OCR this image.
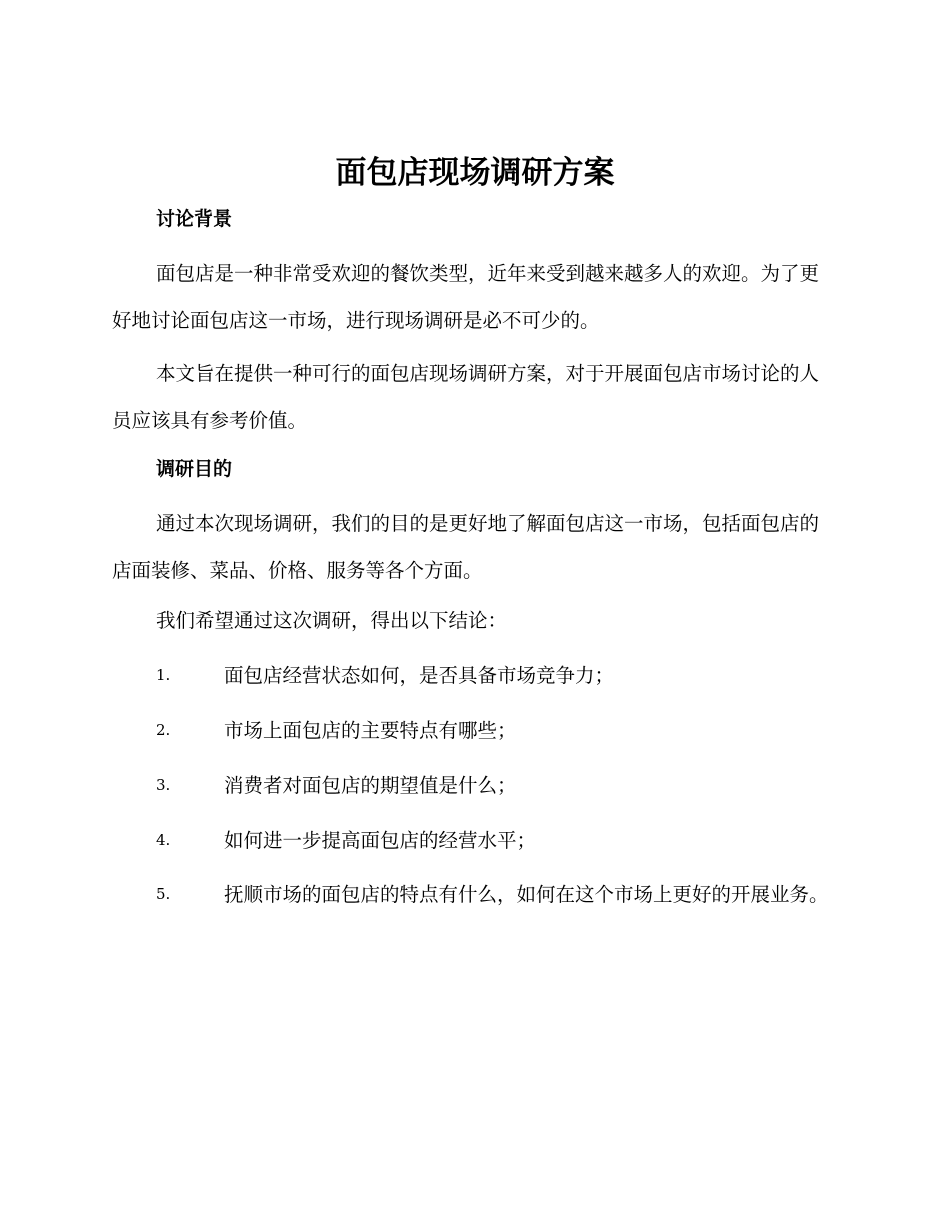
面包店现场调研方案
讨论背景

面包店是一种非常受欢迎的餐饮类型，近年来受到越来越多人的欢迎。为了更好地讨论面包店这一市场，进行现场调研是必不可少的。

本文旨在提供一种可行的面包店现场调研方案，对于开展面包店市场讨论的人员应该具有参考价值。

调研目的

通过本次现场调研，我们的目的是更好地了解面包店这一市场，包括面包店的店面装修、菜品、价格、服务等各个方面。

我们希望通过这次调研，得出以下结论：

1.	面包店经营状态如何，是否具备市场竞争力；

2.	市场上面包店的主要特点有哪些；

3.	消费者对面包店的期望值是什么；

4.	如何进一步提高面包店的经营水平；

5.	抚顺市场的面包店的特点有什么，如何在这个市场上更好的开展业务。
